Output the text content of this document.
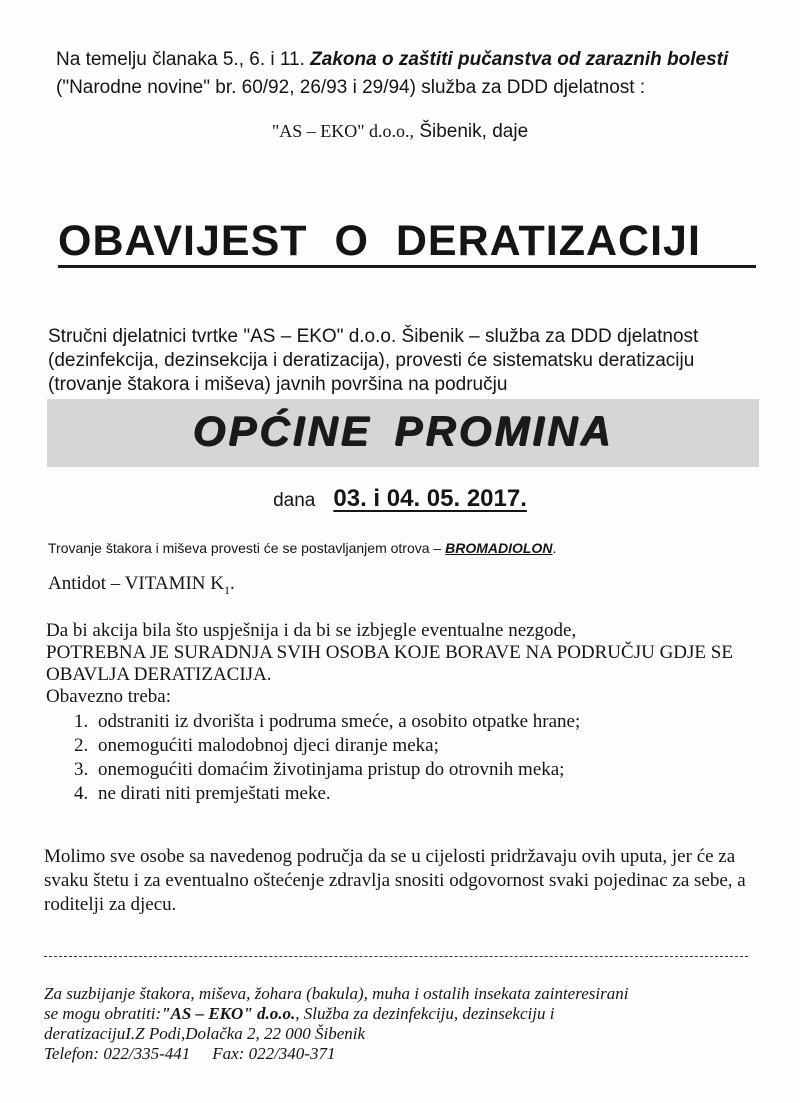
Na temelju članaka 5., 6. i 11. Zakona o zaštiti pučanstva od zaraznih bolesti
("Narodne novine" br. 60/92, 26/93 i 29/94) služba za DDD djelatnost :
"AS – EKO" d.o.o., Šibenik, daje
OBAVIJEST O DERATIZACIJI
Stručni djelatnici tvrtke "AS – EKO" d.o.o. Šibenik – služba za DDD djelatnost (dezinfekcija, dezinsekcija i deratizacija), provesti će sistematsku deratizaciju (trovanje štakora i miševa) javnih površina na području
OPĆINE PROMINA
dana 03. i 04. 05. 2017.
Trovanje štakora i miševa provesti će se postavljanjem otrova – BROMADIOLON.
Antidot – VITAMIN $K_1$.
Da bi akcija bila što uspješnija i da bi se izbjegle eventualne nezgode,
POTREBNA JE SURADNJA SVIH OSOBA KOJE BORAVE NA PODRUČJU GDJE SE OBAVLJA DERATIZACIJA.
Obavezno treba:
1. odstraniti iz dvorišta i podruma smeće, a osobito otpatke hrane;
2. onemogućiti malodobnoj djeci diranje meka;
3. onemogućiti domaćim životinjama pristup do otrovnih meka;
4. ne dirati niti premještati meke.
Molimo sve osobe sa navedenog područja da se u cijelosti pridržavaju ovih uputa, jer će za svaku štetu i za eventualno oštećenje zdravlja snositi odgovornost svaki pojedinac za sebe, a roditelji za djecu.
Za suzbijanje štakora, miševa, žohara (bakula), muha i ostalih insekata zainteresirani
se mogu obratiti:"AS – EKO" d.o.o., Služba za dezinfekciju, dezinsekciju i
deratizacijuI.Z Podi,Dolačka 2, 22 000 Šibenik
Telefon: 022/335-441 Fax: 022/340-371
